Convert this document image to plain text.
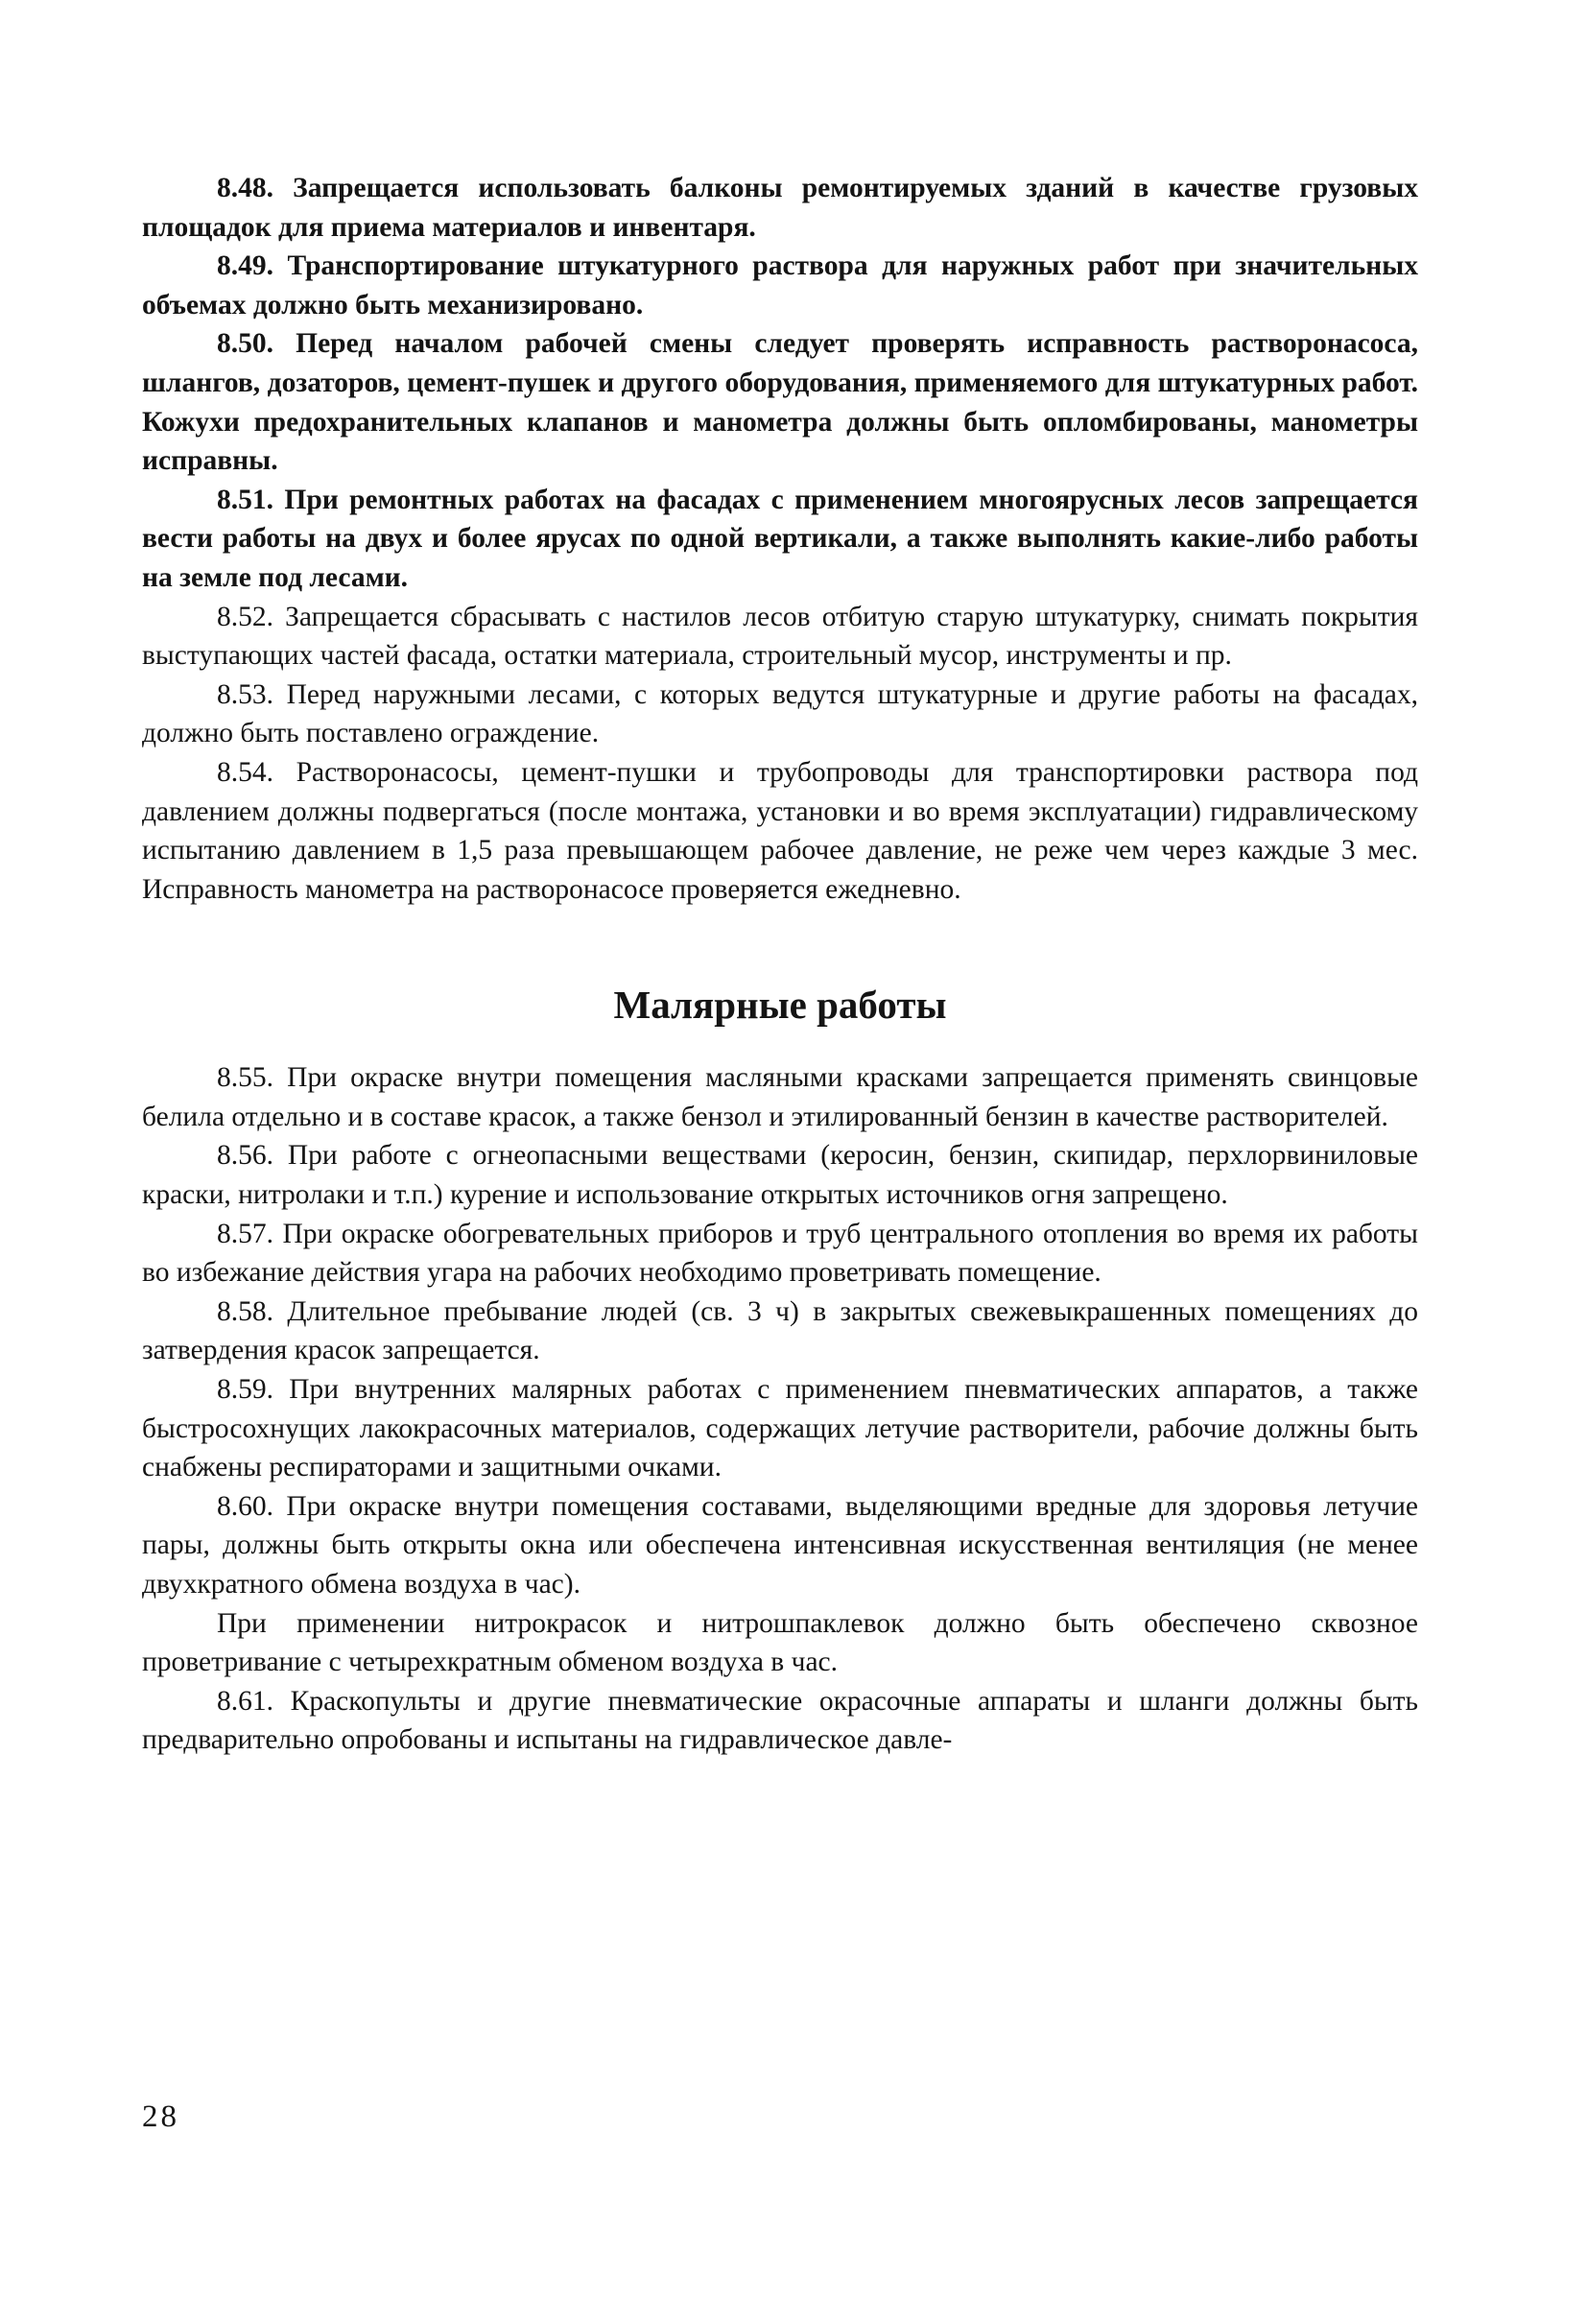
8.48. Запрещается использовать балконы ремонтируемых зданий в качестве грузовых площадок для приема материалов и инвентаря.

8.49. Транспортирование штукатурного раствора для наружных работ при значительных объемах должно быть механизировано.

8.50. Перед началом рабочей смены следует проверять исправность растворонасоса, шлангов, дозаторов, цемент-пушек и другого оборудования, применяемого для штукатурных работ. Кожухи предохранительных клапанов и манометра должны быть опломбированы, манометры исправны.

8.51. При ремонтных работах на фасадах с применением многоярусных лесов запрещается вести работы на двух и более ярусах по одной вертикали, а также выполнять какие-либо работы на земле под лесами.

8.52. Запрещается сбрасывать с настилов лесов отбитую старую штукатурку, снимать покрытия выступающих частей фасада, остатки материала, строительный мусор, инструменты и пр.

8.53. Перед наружными лесами, с которых ведутся штукатурные и другие работы на фасадах, должно быть поставлено ограждение.

8.54. Растворонасосы, цемент-пушки и трубопроводы для транспортировки раствора под давлением должны подвергаться (после монтажа, установки и во время эксплуатации) гидравлическому испытанию давлением в 1,5 раза превышающем рабочее давление, не реже чем через каждые 3 мес. Исправность манометра на растворонасосе проверяется ежедневно.

Малярные работы

8.55. При окраске внутри помещения масляными красками запрещается применять свинцовые белила отдельно и в составе красок, а также бензол и этилированный бензин в качестве растворителей.

8.56. При работе с огнеопасными веществами (керосин, бензин, скипидар, перхлорвиниловые краски, нитролаки и т.п.) курение и использование открытых источников огня запрещено.

8.57. При окраске обогревательных приборов и труб центрального отопления во время их работы во избежание действия угара на рабочих необходимо проветривать помещение.

8.58. Длительное пребывание людей (св. 3 ч) в закрытых свежевыкрашенных помещениях до затвердения красок запрещается.

8.59. При внутренних малярных работах с применением пневматических аппаратов, а также быстросохнущих лакокрасочных материалов, содержащих летучие растворители, рабочие должны быть снабжены респираторами и защитными очками.

8.60. При окраске внутри помещения составами, выделяющими вредные для здоровья летучие пары, должны быть открыты окна или обеспечена интенсивная искусственная вентиляция (не менее двухкратного обмена воздуха в час).

При применении нитрокрасок и нитрошпаклевок должно быть обеспечено сквозное проветривание с четырехкратным обменом воздуха в час.

8.61. Краскопульты и другие пневматические окрасочные аппараты и шланги должны быть предварительно опробованы и испытаны на гидравлическое давле-

28
